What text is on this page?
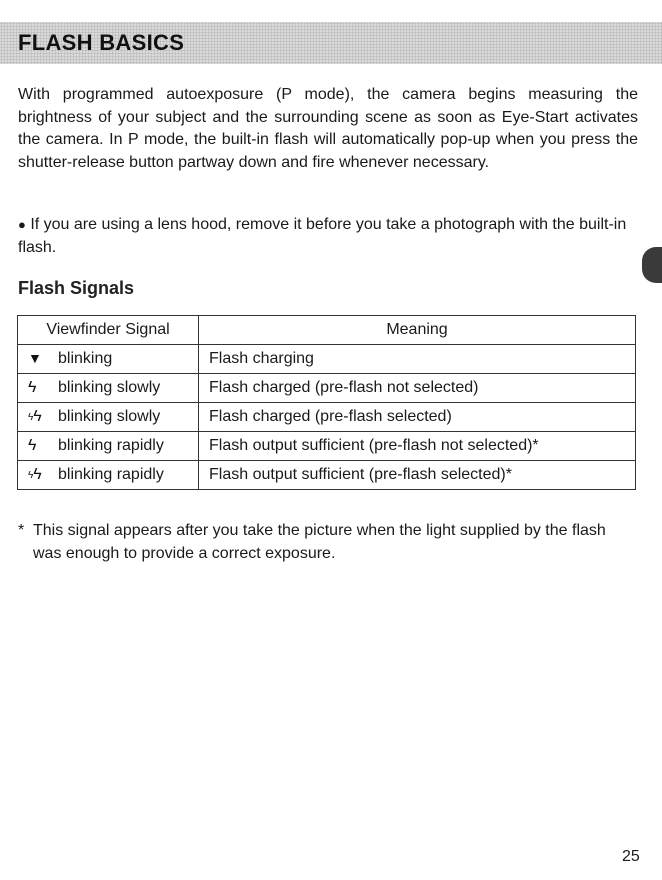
FLASH BASICS

With programmed autoexposure (P mode), the camera begins measuring the brightness of your subject and the surrounding scene as soon as Eye-Start activates the camera. In P mode, the built-in flash will automatically pop-up when you press the shutter-release button partway down and fire whenever necessary.

● If you are using a lens hood, remove it before you take a photograph with the built-in flash.

Flash Signals
Viewfinder Signal	Meaning
▼ blinking	Flash charging
ϟ blinking slowly	Flash charged (pre-flash not selected)
ϟϟ blinking slowly	Flash charged (pre-flash selected)
ϟ blinking rapidly	Flash output sufficient (pre-flash not selected)*
ϟϟ blinking rapidly	Flash output sufficient (pre-flash selected)*

* This signal appears after you take the picture when the light supplied by the flash was enough to provide a correct exposure.

25
